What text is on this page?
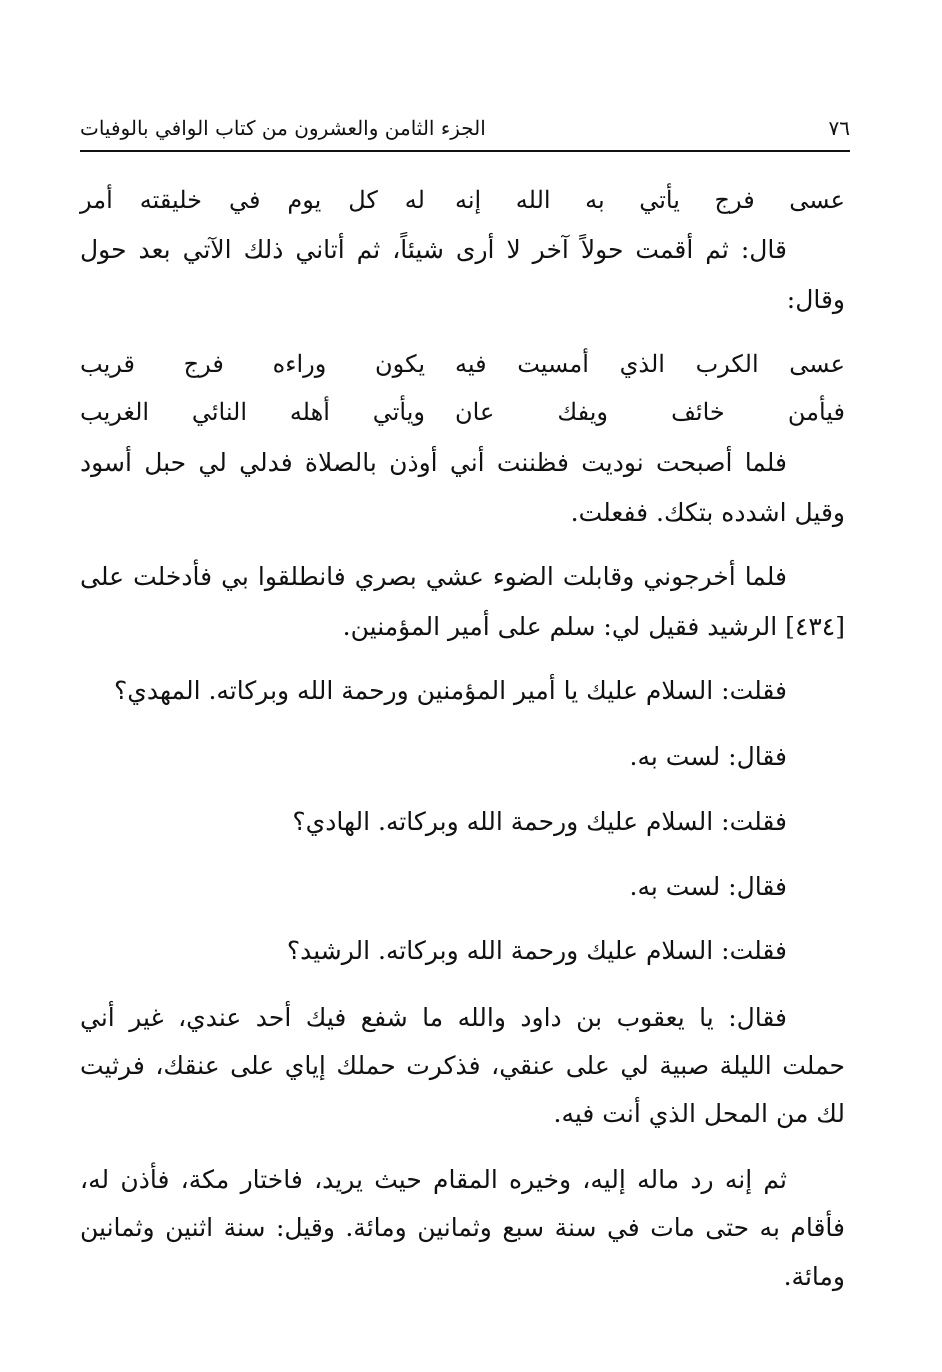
٧٦
الجزء الثامن والعشرون من كتاب الوافي بالوفيات
عسى فرج يأتي به الله إنه
له كل يوم في خليقته أمر
قال: ثم أقمت حولاً آخر لا أرى شيئاً، ثم أتاني ذلك الآتي بعد حول
وقال:
عسى الكرب الذي أمسيت فيه
يكون وراءه فرج قريب
فيأمن خائف ويفك عان
ويأتي أهله النائي الغريب
فلما أصبحت نوديت فظننت أني أوذن بالصلاة فدلي لي حبل أسود
وقيل اشدده بتكك. ففعلت.
فلما أخرجوني وقابلت الضوء عشي بصري فانطلقوا بي فأدخلت على
[٤٣٤] الرشيد فقيل لي: سلم على أمير المؤمنين.
فقلت: السلام عليك يا أمير المؤمنين ورحمة الله وبركاته. المهدي؟
فقال: لست به.
فقلت: السلام عليك ورحمة الله وبركاته. الهادي؟
فقال: لست به.
فقلت: السلام عليك ورحمة الله وبركاته. الرشيد؟
فقال: يا يعقوب بن داود والله ما شفع فيك أحد عندي، غير أني
حملت الليلة صبية لي على عنقي، فذكرت حملك إياي على عنقك، فرثيت
لك من المحل الذي أنت فيه.
ثم إنه رد ماله إليه، وخيره المقام حيث يريد، فاختار مكة، فأذن له،
فأقام به حتى مات في سنة سبع وثمانين ومائة. وقيل: سنة اثنين وثمانين
ومائة.
